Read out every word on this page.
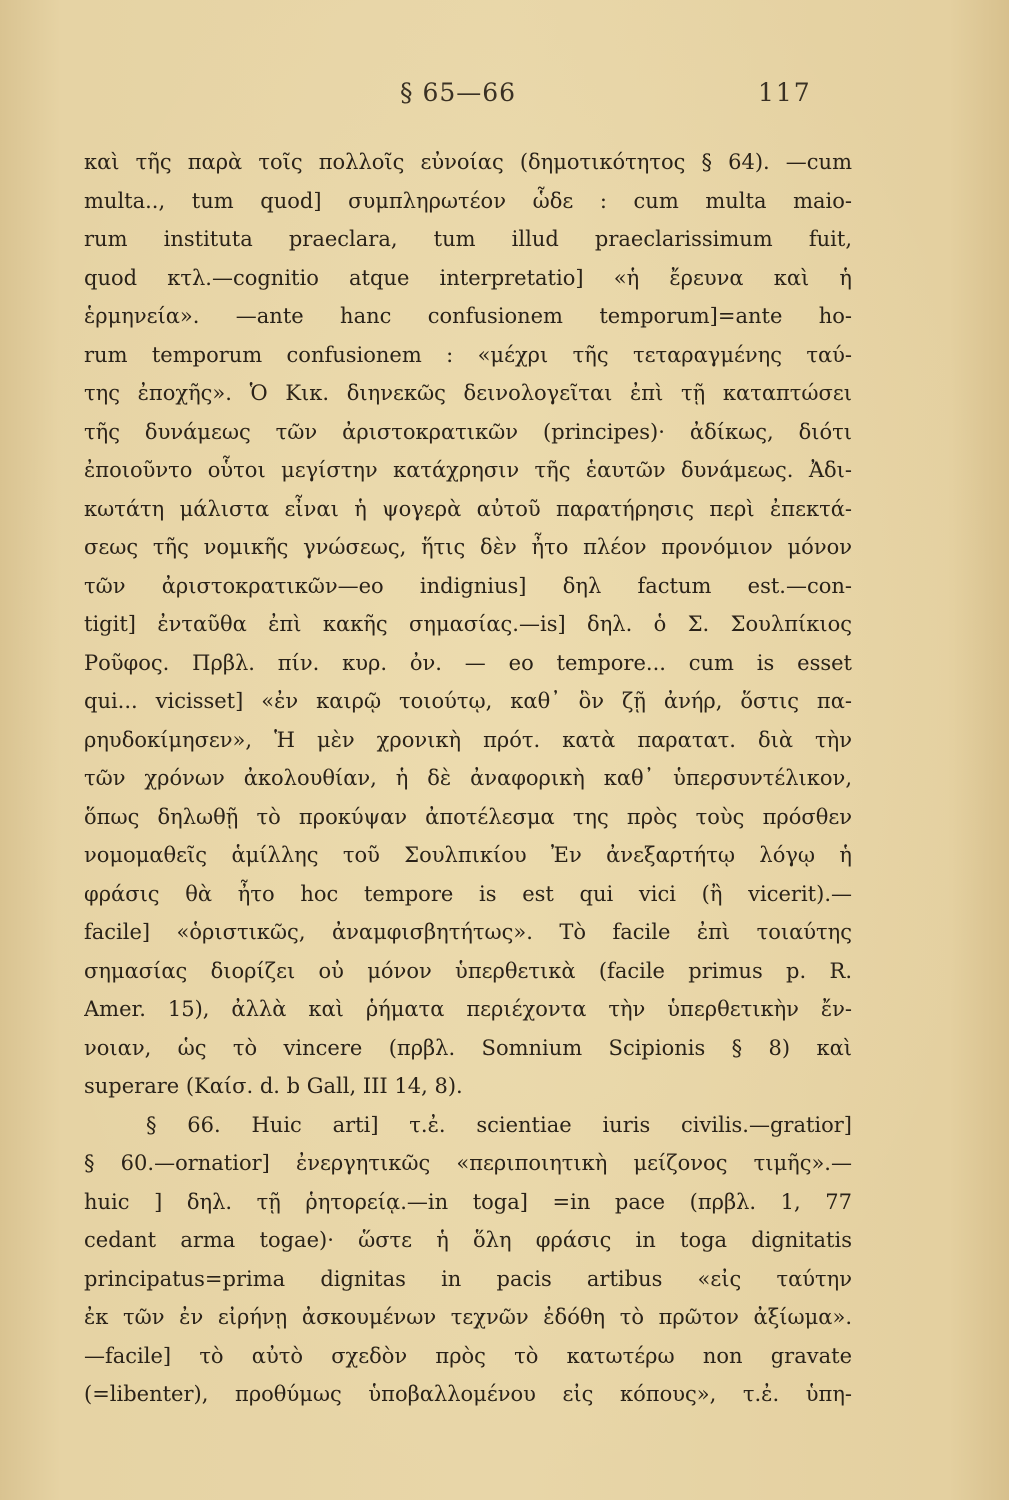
§ 65—66	117
καὶ τῆς παρὰ τοῖς πολλοῖς εὐνοίας (δημοτικότητος § 64). —cum
multa.., tum quod] συμπληρωτέον ὧδε : cum multa maio-
rum instituta praeclara, tum illud praeclarissimum fuit,
quod κτλ.—cognitio atque interpretatio] «ἡ ἔρευνα καὶ ἡ
ἑρμηνεία». —ante hanc confusionem temporum]=ante ho-
rum temporum confusionem : «μέχρι τῆς τεταραγμένης ταύ-
της ἐποχῆς». Ὁ Κικ. διηνεκῶς δεινολογεῖται ἐπὶ τῇ καταπτώσει
τῆς δυνάμεως τῶν ἀριστοκρατικῶν (principes)· ἀδίκως, διότι
ἐποιοῦντο οὗτοι μεγίστην κατάχρησιν τῆς ἑαυτῶν δυνάμεως. Ἀδι-
κωτάτη μάλιστα εἶναι ἡ ψογερὰ αὐτοῦ παρατήρησις περὶ ἐπεκτά-
σεως τῆς νομικῆς γνώσεως, ἥτις δὲν ἦτο πλέον προνόμιον μόνον
τῶν ἀριστοκρατικῶν—eo indignius] δηλ factum est.—con-
tigit] ἐνταῦθα ἐπὶ κακῆς σημασίας.—is] δηλ. ὁ Σ. Σουλπίκιος
Ροῦφος. Πρβλ. πίν. κυρ. ὀν. — eo tempore... cum is esset
qui... vicisset] «ἐν καιρῷ τοιούτῳ, καθ᾽ ὃν ζῇ ἀνήρ, ὅστις πα-
ρηυδοκίμησεν», Ἡ μὲν χρονικὴ πρότ. κατὰ παρατατ. διὰ τὴν
τῶν χρόνων ἀκολουθίαν, ἡ δὲ ἀναφορικὴ καθ᾽ ὑπερσυντέλικον,
ὅπως δηλωθῇ τὸ προκύψαν ἀποτέλεσμα της πρὸς τοὺς πρόσθεν
νομομαθεῖς ἁμίλλης τοῦ Σουλπικίου Ἐν ἀνεξαρτήτῳ λόγῳ ἡ
φράσις θὰ ἦτο hoc tempore is est qui vici (ἢ vicerit).—
facile] «ὁριστικῶς, ἀναμφισβητήτως». Τὸ facile ἐπὶ τοιαύτης
σημασίας διορίζει οὐ μόνον ὑπερθετικὰ (facile primus p. R.
Amer. 15), ἀλλὰ καὶ ῥήματα περιέχοντα τὴν ὑπερθετικὴν ἔν-
νοιαν, ὡς τὸ vincere (πρβλ. Somnium Scipionis § 8) καὶ
superare (Καίσ. d. b Gall, III 14, 8).
§ 66. Huic arti] τ.ἐ. scientiae iuris civilis.—gratior]
§ 60.—ornatior] ἐνεργητικῶς «περιποιητικὴ μείζονος τιμῆς».—
huic ] δηλ. τῇ ῥητορείᾳ.—in toga] =in pace (πρβλ. 1, 77
cedant arma togae)· ὥστε ἡ ὅλη φράσις in toga dignitatis
principatus=prima dignitas in pacis artibus «εἰς ταύτην
ἐκ τῶν ἐν εἰρήνῃ ἀσκουμένων τεχνῶν ἐδόθη τὸ πρῶτον ἀξίωμα».
—facile] τὸ αὐτὸ σχεδὸν πρὸς τὸ κατωτέρω non gravate
(=libenter), προθύμως ὑποβαλλομένου εἰς κόπους», τ.ἐ. ὑπη-
